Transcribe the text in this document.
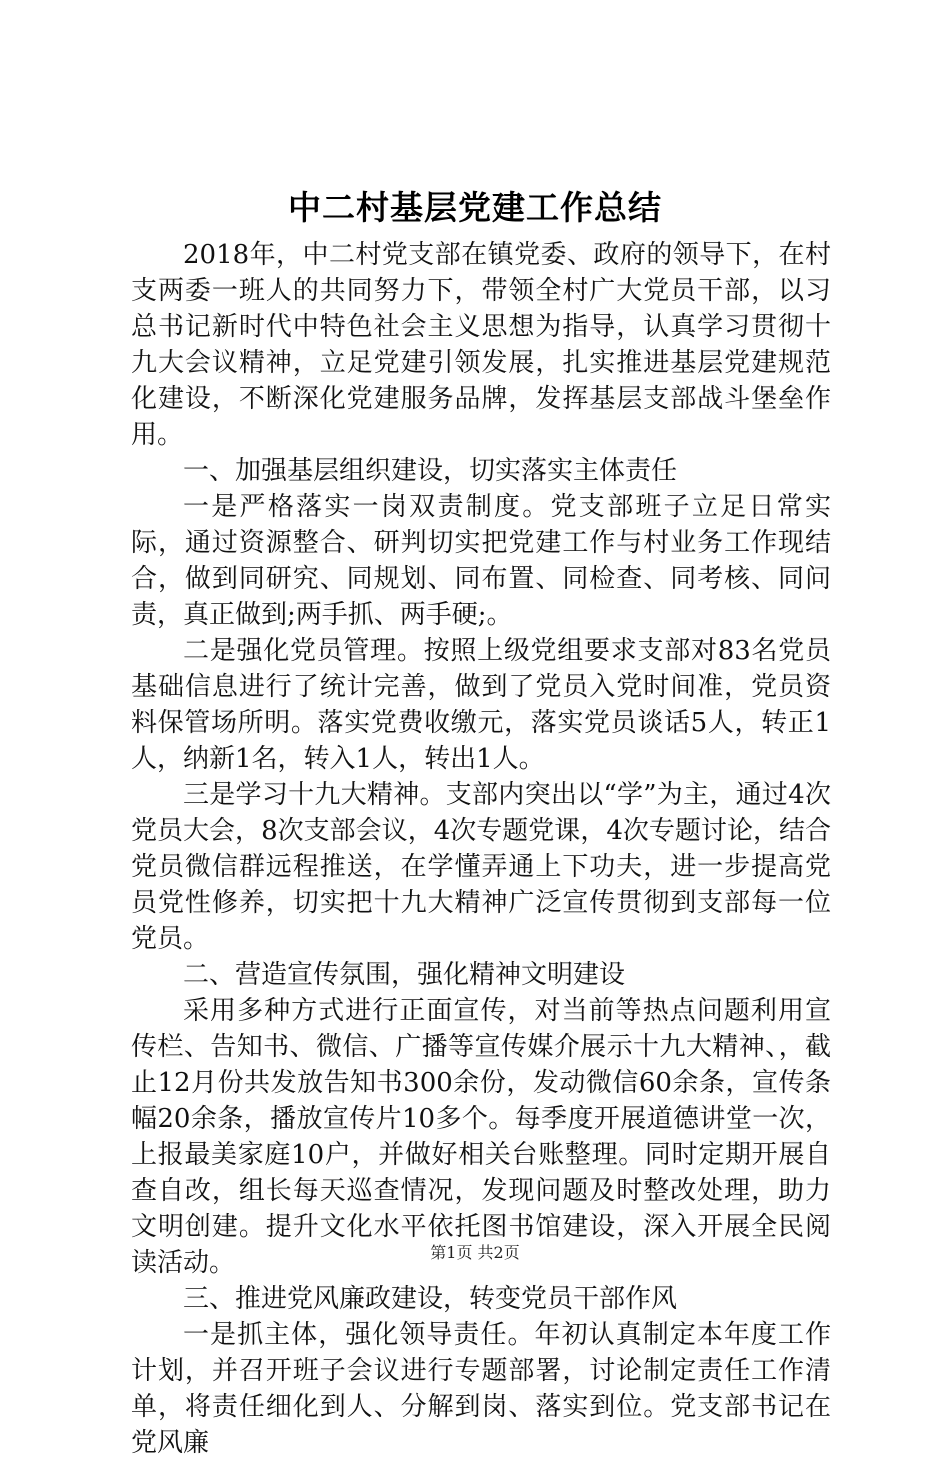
中二村基层党建工作总结

2018年，中二村党支部在镇党委、政府的领导下，在村支两委一班人的共同努力下，带领全村广大党员干部，以习总书记新时代中特色社会主义思想为指导，认真学习贯彻十九大会议精神，立足党建引领发展，扎实推进基层党建规范化建设，不断深化党建服务品牌，发挥基层支部战斗堡垒作用。

一、加强基层组织建设，切实落实主体责任

一是严格落实一岗双责制度。党支部班子立足日常实际，通过资源整合、研判切实把党建工作与村业务工作现结合，做到同研究、同规划、同布置、同检查、同考核、同问责，真正做到;两手抓、两手硬;。

二是强化党员管理。按照上级党组要求支部对83名党员基础信息进行了统计完善，做到了党员入党时间准，党员资料保管场所明。落实党费收缴元，落实党员谈话5人，转正1人，纳新1名，转入1人，转出1人。

三是学习十九大精神。支部内突出以“学”为主，通过4次党员大会，8次支部会议，4次专题党课，4次专题讨论，结合党员微信群远程推送，在学懂弄通上下功夫，进一步提高党员党性修养，切实把十九大精神广泛宣传贯彻到支部每一位党员。

二、营造宣传氛围，强化精神文明建设

采用多种方式进行正面宣传，对当前等热点问题利用宣传栏、告知书、微信、广播等宣传媒介展示十九大精神、，截止12月份共发放告知书300余份，发动微信60余条，宣传条幅20余条，播放宣传片10多个。每季度开展道德讲堂一次，上报最美家庭10户，并做好相关台账整理。同时定期开展自查自改，组长每天巡查情况，发现问题及时整改处理，助力文明创建。提升文化水平依托图书馆建设，深入开展全民阅读活动。

三、推进党风廉政建设，转变党员干部作风

一是抓主体，强化领导责任。年初认真制定本年度工作计划，并召开班子会议进行专题部署，讨论制定责任工作清单，将责任细化到人、分解到岗、落实到位。党支部书记在党风廉

第1页 共2页
